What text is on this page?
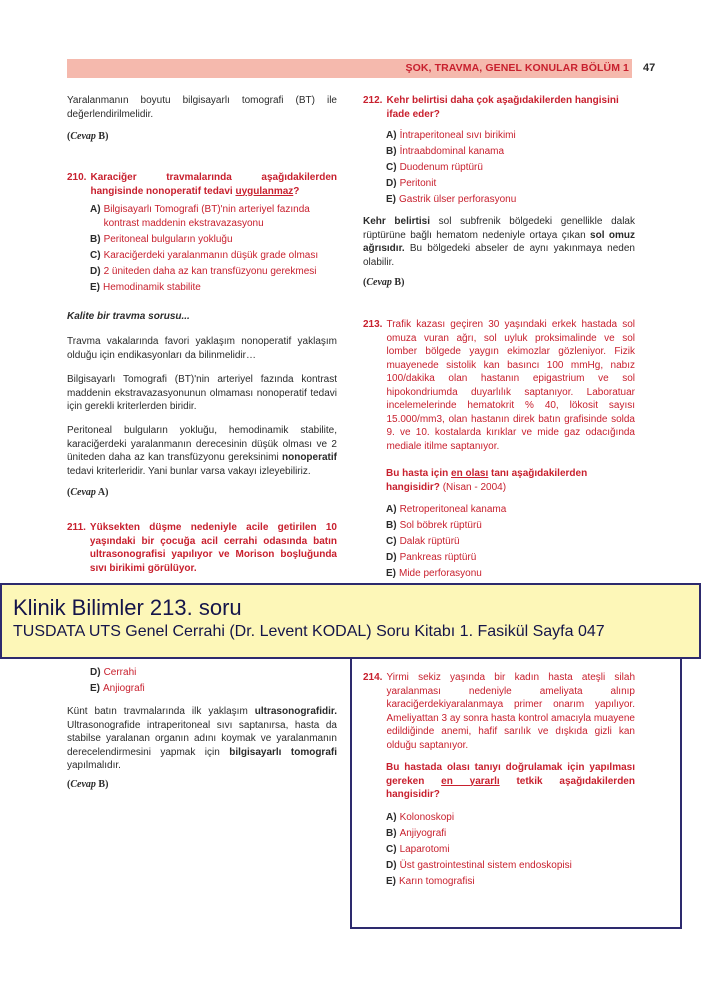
ŞOK, TRAVMA, GENEL KONULAR BÖLÜM 1 47

Yaralanmanın boyutu bilgisayarlı tomografi (BT) ile değerlendirilmelidir.

(Cevap B)
210. Karaciğer travmalarında aşağıdakilerden hangisinde nonoperatif tedavi uygulanmaz?
A) Bilgisayarlı Tomografi (BT)'nin arteriyel fazında kontrast maddenin ekstravazasyonu
B) Peritoneal bulguların yokluğu
C) Karaciğerdeki yaralanmanın düşük grade olması
D) 2 üniteden daha az kan transfüzyonu gerekmesi
E) Hemodinamik stabilite
Kalite bir travma sorusu...

Travma vakalarında favori yaklaşım nonoperatif yaklaşım olduğu için endikasyonları da bilinmelidir…

Bilgisayarlı Tomografi (BT)'nin arteriyel fazında kontrast maddenin ekstravazasyonunun olmaması nonoperatif tedavi için gerekli kriterlerden biridir.

Peritoneal bulguların yokluğu, hemodinamik stabilite, karaciğerdeki yaralanmanın derecesinin düşük olması ve 2 üniteden daha az kan transfüzyonu gereksinimi nonoperatif tedavi kriterleridir. Yani bunlar varsa vakayı izleyebiliriz.

(Cevap A)
211. Yüksekten düşme nedeniyle acile getirilen 10 yaşındaki bir çocuğa acil cerrahi odasında batın ultrasonografisi yapılıyor ve Morison boşluğunda sıvı birikimi görülüyor.
D) Cerrahi
E) Anjiografi

Künt batın travmalarında ilk yaklaşım ultrasonografidir. Ultrasonografide intraperitoneal sıvı saptanırsa, hasta da stabilse yaralanan organın adını koymak ve yaralanmanın derecelendirmesini yapmak için bilgisayarlı tomografi yapılmalıdır.

(Cevap B)
212. Kehr belirtisi daha çok aşağıdakilerden hangisini ifade eder?
A) İntraperitoneal sıvı birikimi
B) İntraabdominal kanama
C) Duodenum rüptürü
D) Peritonit
E) Gastrik ülser perforasyonu

Kehr belirtisi sol subfrenik bölgedeki genellikle dalak rüptürüne bağlı hematom nedeniyle ortaya çıkan sol omuz ağrısıdır. Bu bölgedeki abseler de aynı yakınmaya neden olabilir.

(Cevap B)
213. Trafik kazası geçiren 30 yaşındaki erkek hastada sol omuza vuran ağrı, sol uyluk proksimalinde ve sol lomber bölgede yaygın ekimozlar gözleniyor. Fizik muayenede sistolik kan basıncı 100 mmHg, nabız 100/dakika olan hastanın epigastrium ve sol hipokondriumda duyarlılık saptanıyor. Laboratuar incelemelerinde hematokrit % 40, lökosit sayısı 15.000/mm3, olan hastanın direk batın grafisinde solda 9. ve 10. kostalarda kırıklar ve mide gaz odacığında mediale itilme saptanıyor.
Bu hasta için en olası tanı aşağıdakilerden hangisidir? (Nisan - 2004)
A) Retroperitoneal kanama
B) Sol böbrek rüptürü
C) Dalak rüptürü
D) Pankreas rüptürü
E) Mide perforasyonu
214. Yirmi sekiz yaşında bir kadın hasta ateşli silah yaralanması nedeniyle ameliyata alınıp karaciğerdekiyaralanmaya primer onarım yapılıyor. Ameliyattan 3 ay sonra hasta kontrol amacıyla muayene edildiğinde anemi, hafif sarılık ve dışkıda gizli kan olduğu saptanıyor.
Bu hastada olası tanıyı doğrulamak için yapılması gereken en yararlı tetkik aşağıdakilerden hangisidir?
A) Kolonoskopi
B) Anjiyografi
C) Laparotomi
D) Üst gastrointestinal sistem endoskopisi
E) Karın tomografisi
Klinik Bilimler 213. soru
TUSDATA UTS Genel Cerrahi (Dr. Levent KODAL) Soru Kitabı 1. Fasikül Sayfa 047
